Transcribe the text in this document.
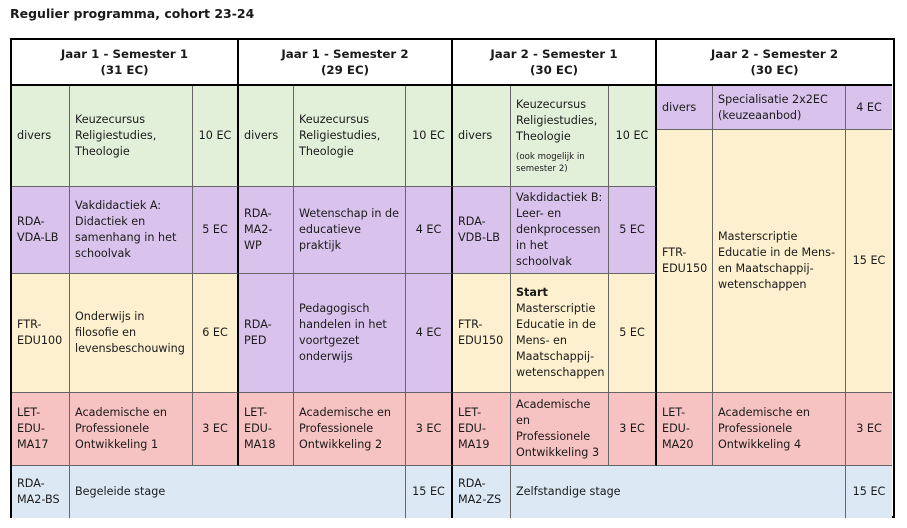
Regulier programma, cohort 23-24
Jaar 1 - Semester 1
(31 EC)
Jaar 1 - Semester 2
(29 EC)
Jaar 2 - Semester 1
(30 EC)
Jaar 2 - Semester 2
(30 EC)
divers
Keuzecursus Religiestudies, Theologie
10 EC
RDA-VDA-LB
Vakdidactiek A: Didactiek en samenhang in het schoolvak
5 EC
FTR-EDU100
Onderwijs in filosofie en levensbeschouwing
6 EC
LET-EDU-MA17
Academische en Professionele Ontwikkeling 1
3 EC
divers
Keuzecursus Religiestudies, Theologie
10 EC
RDA-MA2-WP
Wetenschap in de educatieve praktijk
4 EC
RDA-PED
Pedagogisch handelen in het voortgezet onderwijs
4 EC
LET-EDU-MA18
Academische en Professionele Ontwikkeling 2
3 EC
divers
Keuzecursus Religiestudies, Theologie
(ook mogelijk in semester 2)
10 EC
RDA-VDB-LB
Vakdidactiek B: Leer- en denkprocessen in het schoolvak
5 EC
FTR-EDU150
Start
Masterscriptie Educatie in de Mens- en Maatschappij-wetenschappen
5 EC
LET-EDU-MA19
Academische en Professionele Ontwikkeling 3
3 EC
divers
Specialisatie 2x2EC (keuzeaanbod)
4 EC
FTR-EDU150
Masterscriptie Educatie in de Mens- en Maatschappij-wetenschappen
15 EC
LET-EDU-MA20
Academische en Professionele Ontwikkeling 4
3 EC
RDA-MA2-BS
Begeleide stage	15 EC
RDA-MA2-ZS
Zelfstandige stage	15 EC
